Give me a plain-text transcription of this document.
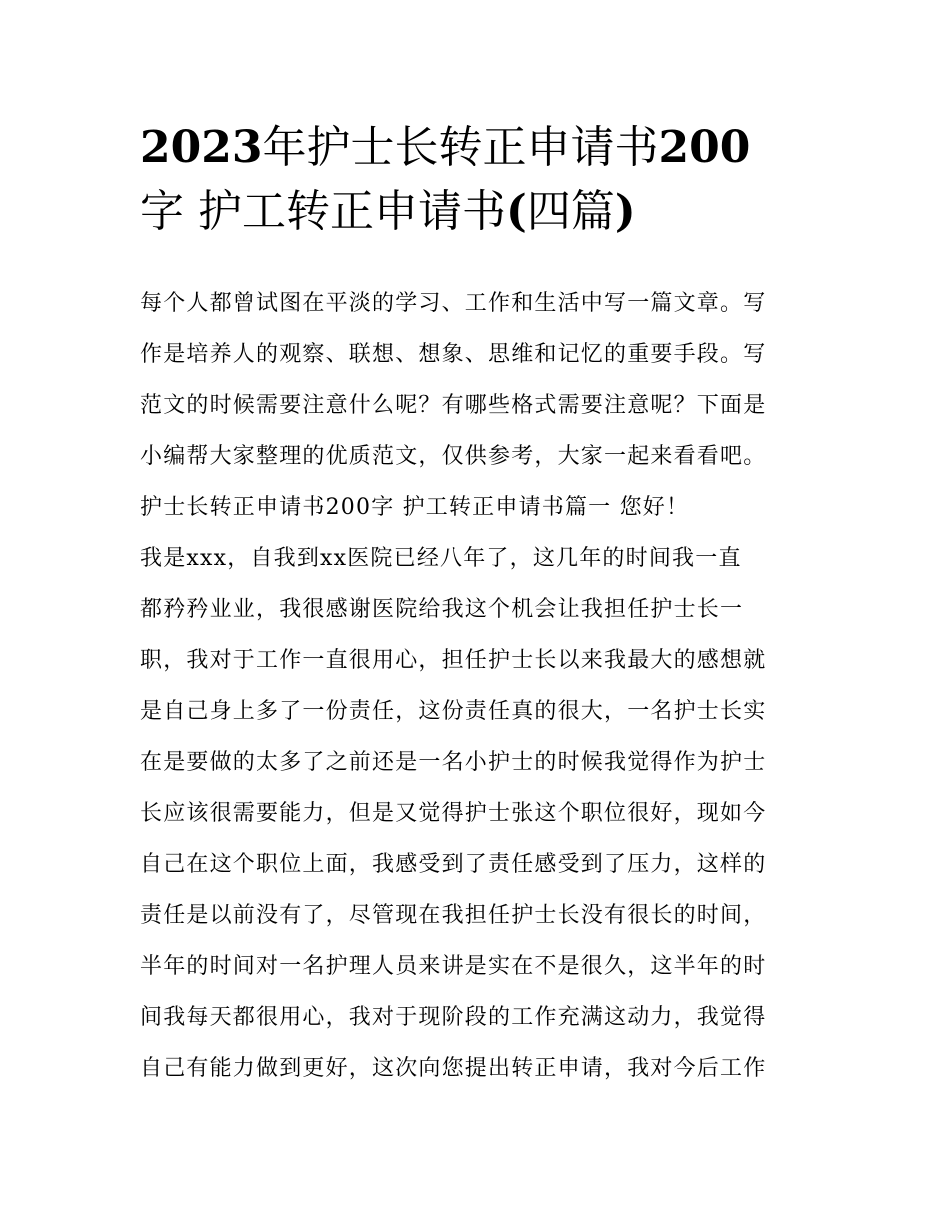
2023年护士长转正申请书200
字 护工转正申请书(四篇)
每个人都曾试图在平淡的学习、工作和生活中写一篇文章。写
作是培养人的观察、联想、想象、思维和记忆的重要手段。写
范文的时候需要注意什么呢？有哪些格式需要注意呢？下面是
小编帮大家整理的优质范文，仅供参考，大家一起来看看吧。
护士长转正申请书200字 护工转正申请书篇一 您好！
我是xxx，自我到xx医院已经八年了，这几年的时间我一直
都矜矜业业，我很感谢医院给我这个机会让我担任护士长一
职，我对于工作一直很用心，担任护士长以来我最大的感想就
是自己身上多了一份责任，这份责任真的很大，一名护士长实
在是要做的太多了之前还是一名小护士的时候我觉得作为护士
长应该很需要能力，但是又觉得护士张这个职位很好，现如今
自己在这个职位上面，我感受到了责任感受到了压力，这样的
责任是以前没有了，尽管现在我担任护士长没有很长的时间，
半年的时间对一名护理人员来讲是实在不是很久，这半年的时
间我每天都很用心，我对于现阶段的工作充满这动力，我觉得
自己有能力做到更好，这次向您提出转正申请，我对今后工作
